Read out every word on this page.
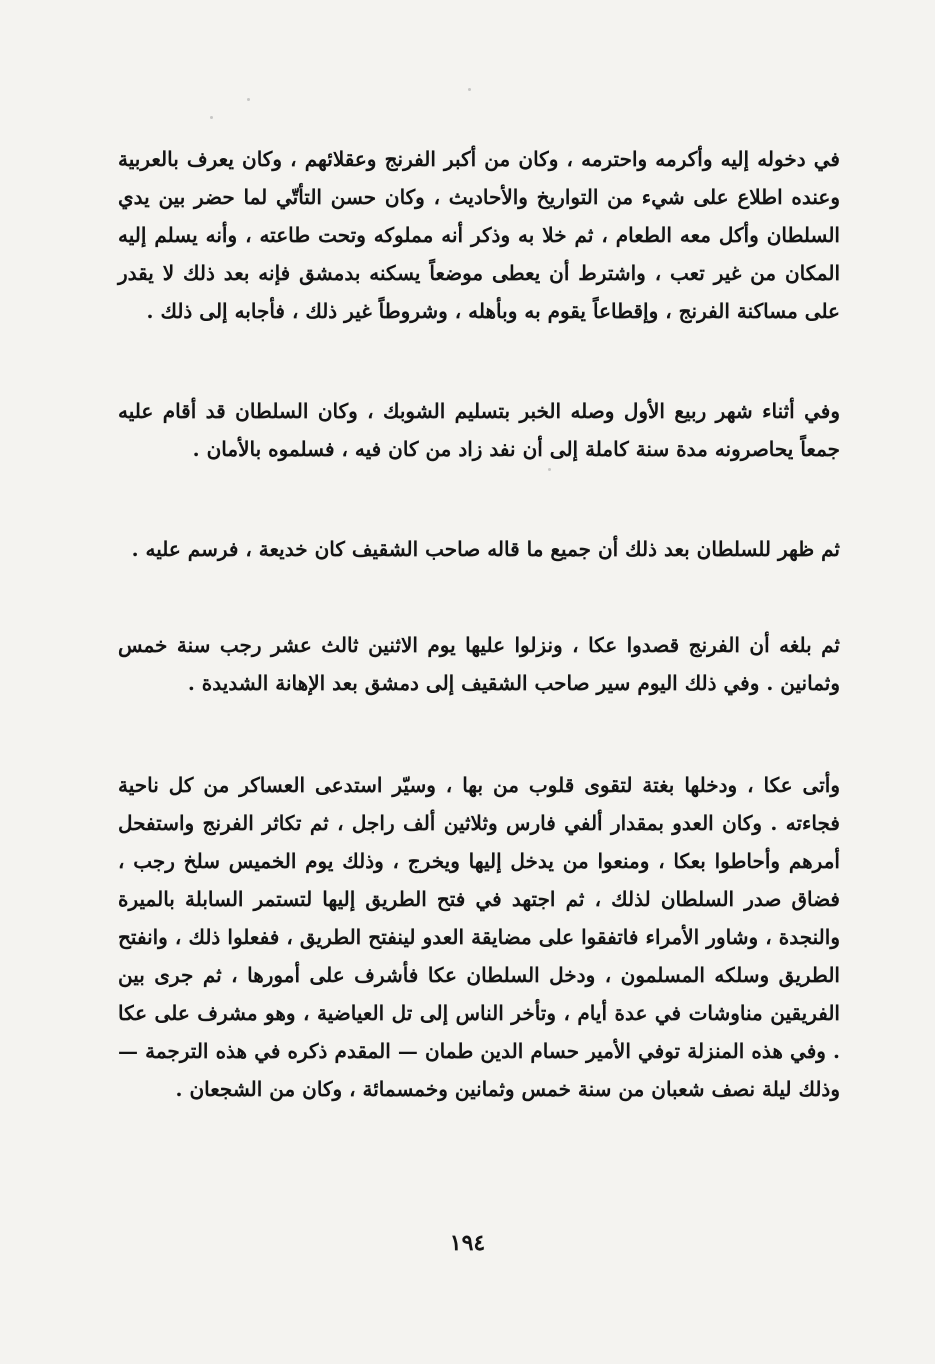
في دخوله إليه وأكرمه واحترمه ، وكان من أكبر الفرنج وعقلائهم ، وكان يعرف بالعربية وعنده اطلاع على شيء من التواريخ والأحاديث ، وكان حسن التأتّي لما حضر بين يدي السلطان وأكل معه الطعام ، ثم خلا به وذكر أنه مملوكه وتحت طاعته ، وأنه يسلم إليه المكان من غير تعب ، واشترط أن يعطى موضعاً يسكنه بدمشق فإنه بعد ذلك لا يقدر على مساكنة الفرنج ، وإقطاعاً يقوم به وبأهله ، وشروطاً غير ذلك ، فأجابه إلى ذلك .

وفي أثناء شهر ربيع الأول وصله الخبر بتسليم الشوبك ، وكان السلطان قد أقام عليه جمعاً يحاصرونه مدة سنة كاملة إلى أن نفد زاد من كان فيه ، فسلموه بالأمان .

ثم ظهر للسلطان بعد ذلك أن جميع ما قاله صاحب الشقيف كان خديعة ، فرسم عليه .

ثم بلغه أن الفرنج قصدوا عكا ، ونزلوا عليها يوم الاثنين ثالث عشر رجب سنة خمس وثمانين . وفي ذلك اليوم سير صاحب الشقيف إلى دمشق بعد الإهانة الشديدة .

وأتى عكا ، ودخلها بغتة لتقوى قلوب من بها ، وسيّر استدعى العساكر من كل ناحية فجاءته . وكان العدو بمقدار ألفي فارس وثلاثين ألف راجل ، ثم تكاثر الفرنج واستفحل أمرهم وأحاطوا بعكا ، ومنعوا من يدخل إليها ويخرج ، وذلك يوم الخميس سلخ رجب ، فضاق صدر السلطان لذلك ، ثم اجتهد في فتح الطريق إليها لتستمر السابلة بالميرة والنجدة ، وشاور الأمراء فاتفقوا على مضايقة العدو لينفتح الطريق ، ففعلوا ذلك ، وانفتح الطريق وسلكه المسلمون ، ودخل السلطان عكا فأشرف على أمورها ، ثم جرى بين الفريقين مناوشات في عدة أيام ، وتأخر الناس إلى تل العياضية ، وهو مشرف على عكا . وفي هذه المنزلة توفي الأمير حسام الدين طمان — المقدم ذكره في هذه الترجمة — وذلك ليلة نصف شعبان من سنة خمس وثمانين وخمسمائة ، وكان من الشجعان .

١٩٤
